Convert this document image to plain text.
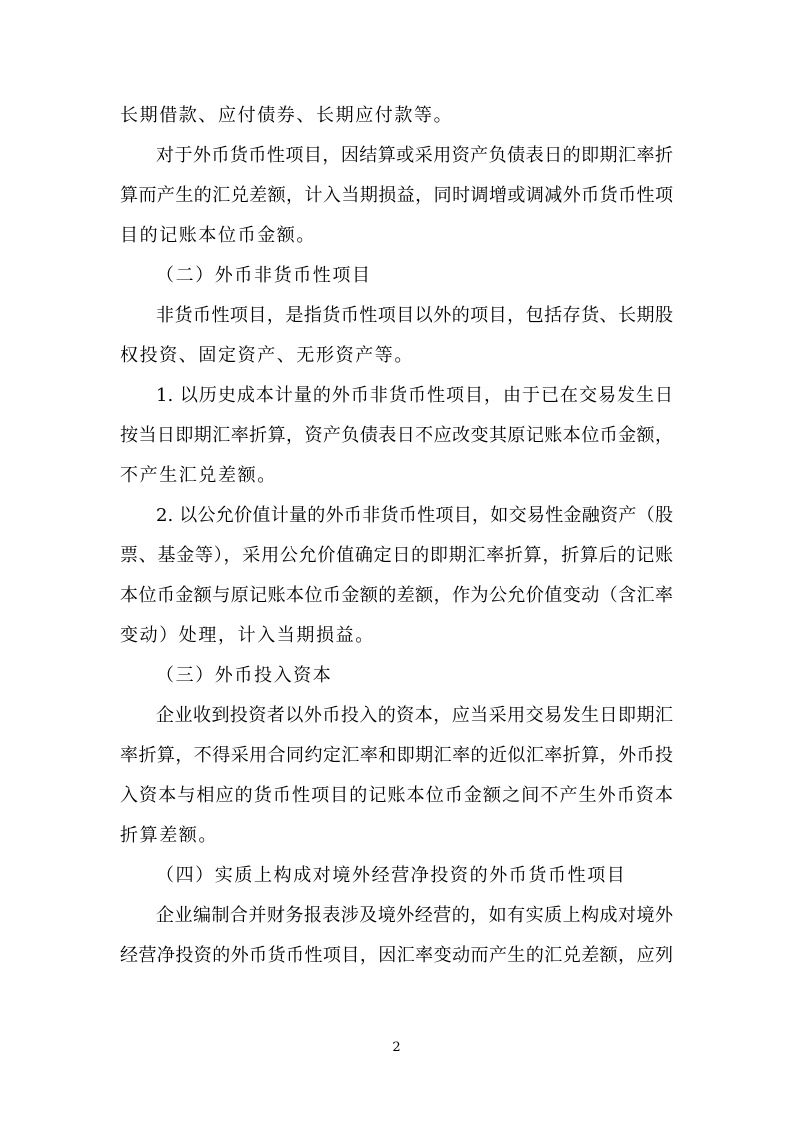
长期借款、应付债券、长期应付款等。
对于外币货币性项目，因结算或采用资产负债表日的即期汇率折
算而产生的汇兑差额，计入当期损益，同时调增或调减外币货币性项
目的记账本位币金额。
（二）外币非货币性项目
非货币性项目，是指货币性项目以外的项目，包括存货、长期股
权投资、固定资产、无形资产等。
1. 以历史成本计量的外币非货币性项目，由于已在交易发生日
按当日即期汇率折算，资产负债表日不应改变其原记账本位币金额，
不产生汇兑差额。
2. 以公允价值计量的外币非货币性项目，如交易性金融资产（股
票、基金等），采用公允价值确定日的即期汇率折算，折算后的记账
本位币金额与原记账本位币金额的差额，作为公允价值变动（含汇率
变动）处理，计入当期损益。
（三）外币投入资本
企业收到投资者以外币投入的资本，应当采用交易发生日即期汇
率折算，不得采用合同约定汇率和即期汇率的近似汇率折算，外币投
入资本与相应的货币性项目的记账本位币金额之间不产生外币资本
折算差额。
（四）实质上构成对境外经营净投资的外币货币性项目
企业编制合并财务报表涉及境外经营的，如有实质上构成对境外
经营净投资的外币货币性项目，因汇率变动而产生的汇兑差额，应列
2
